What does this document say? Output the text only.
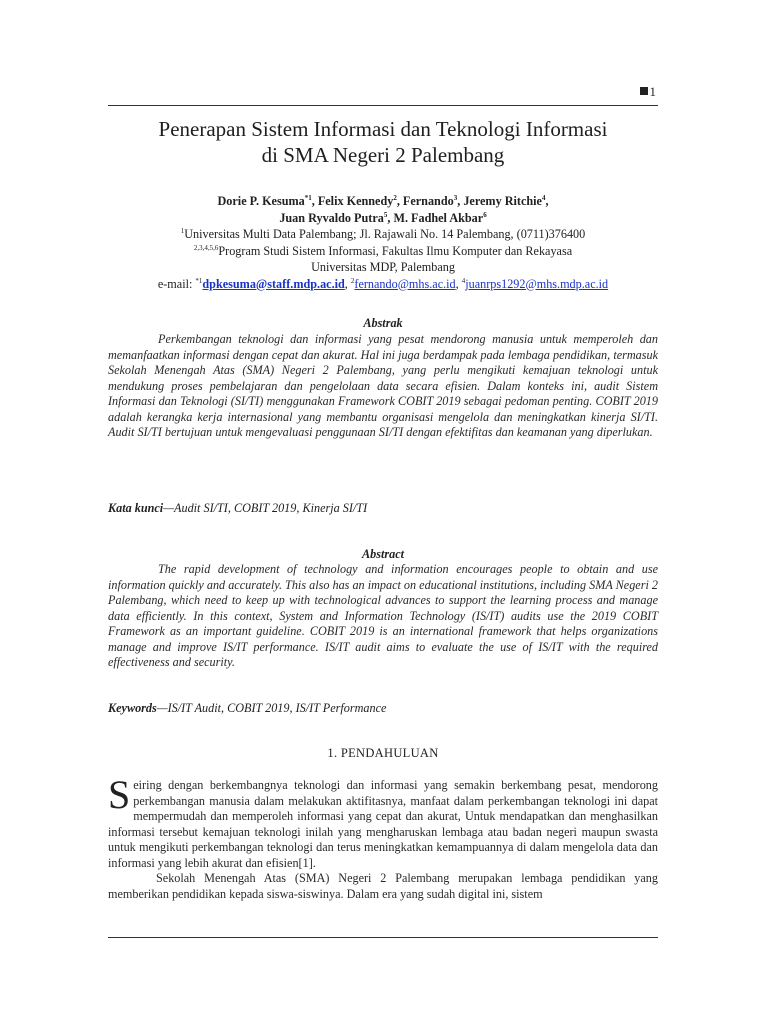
1
Penerapan Sistem Informasi dan Teknologi Informasi
di SMA Negeri 2 Palembang
Dorie P. Kesuma$^{*1}$, Felix Kennedy$^2$, Fernando$^3$, Jeremy Ritchie$^4$,
Juan Ryvaldo Putra$^5$, M. Fadhel Akbar$^6$
$^1$Universitas Multi Data Palembang; Jl. Rajawali No. 14 Palembang, (0711)376400
$^{2,3,4,5,6}$Program Studi Sistem Informasi, Fakultas Ilmu Komputer dan Rekayasa
Universitas MDP, Palembang
e-mail: $^{*1}$dpkesuma@staff.mdp.ac.id, $^2$fernando@mhs.ac.id, $^4$juanrps1292@mhs.mdp.ac.id
Abstrak
Perkembangan teknologi dan informasi yang pesat mendorong manusia untuk memperoleh dan memanfaatkan informasi dengan cepat dan akurat. Hal ini juga berdampak pada lembaga pendidikan, termasuk Sekolah Menengah Atas (SMA) Negeri 2 Palembang, yang perlu mengikuti kemajuan teknologi untuk mendukung proses pembelajaran dan pengelolaan data secara efisien. Dalam konteks ini, audit Sistem Informasi dan Teknologi (SI/TI) menggunakan Framework COBIT 2019 sebagai pedoman penting. COBIT 2019 adalah kerangka kerja internasional yang membantu organisasi mengelola dan meningkatkan kinerja SI/TI. Audit SI/TI bertujuan untuk mengevaluasi penggunaan SI/TI dengan efektifitas dan keamanan yang diperlukan.
Kata kunci—Audit SI/TI, COBIT 2019, Kinerja SI/TI
Abstract
The rapid development of technology and information encourages people to obtain and use information quickly and accurately. This also has an impact on educational institutions, including SMA Negeri 2 Palembang, which need to keep up with technological advances to support the learning process and manage data efficiently. In this context, System and Information Technology (IS/IT) audits use the 2019 COBIT Framework as an important guideline. COBIT 2019 is an international framework that helps organizations manage and improve IS/IT performance. IS/IT audit aims to evaluate the use of IS/IT with the required effectiveness and security.
Keywords—IS/IT Audit, COBIT 2019, IS/IT Performance
1. PENDAHULUAN

Seiring dengan berkembangnya teknologi dan informasi yang semakin berkembang pesat, mendorong perkembangan manusia dalam melakukan aktifitasnya, manfaat dalam perkembangan teknologi ini dapat mempermudah dan memperoleh informasi yang cepat dan akurat, Untuk mendapatkan dan menghasilkan informasi tersebut kemajuan teknologi inilah yang mengharuskan lembaga atau badan negeri maupun swasta untuk mengikuti perkembangan teknologi dan terus meningkatkan kemampuannya di dalam mengelola data dan informasi yang lebih akurat dan efisien[1].

Sekolah Menengah Atas (SMA) Negeri 2 Palembang merupakan lembaga pendidikan yang memberikan pendidikan kepada siswa-siswinya. Dalam era yang sudah digital ini, sistem
